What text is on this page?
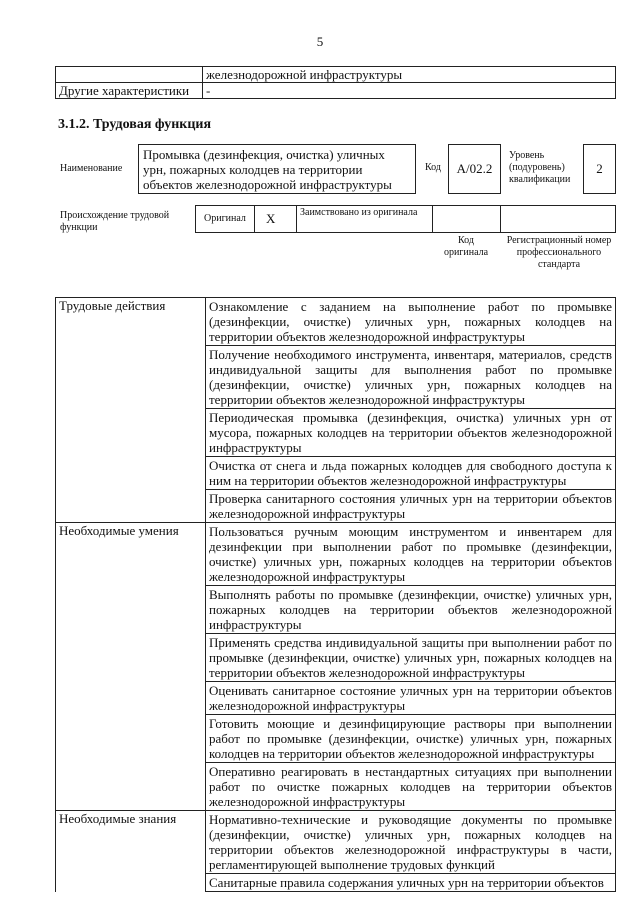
5
	железнодорожной инфраструктуры
Другие характеристики	-
3.1.2. Трудовая функция
Наименование
Промывка (дезинфекция, очистка) уличных урн, пожарных колодцев на территории объектов железнодорожной инфраструктуры
Код	А/02.2
Уровень (подуровень) квалификации
2
Происхождение трудовой функции
Оригинал X Заимствовано из оригинала
Код оригинала
Регистрационный номер профессионального стандарта
Трудовые действия	Ознакомление с заданием на выполнение работ по промывке (дезинфекции, очистке) уличных урн, пожарных колодцев на территории объектов железнодорожной инфраструктуры
	Получение необходимого инструмента, инвентаря, материалов, средств индивидуальной защиты для выполнения работ по промывке (дезинфекции, очистке) уличных урн, пожарных колодцев на территории объектов железнодорожной инфраструктуры
	Периодическая промывка (дезинфекция, очистка) уличных урн от мусора, пожарных колодцев на территории объектов железнодорожной инфраструктуры
	Очистка от снега и льда пожарных колодцев для свободного доступа к ним на территории объектов железнодорожной инфраструктуры
	Проверка санитарного состояния уличных урн на территории объектов железнодорожной инфраструктуры
Необходимые умения	Пользоваться ручным моющим инструментом и инвентарем для дезинфекции при выполнении работ по промывке (дезинфекции, очистке) уличных урн, пожарных колодцев на территории объектов железнодорожной инфраструктуры
	Выполнять работы по промывке (дезинфекции, очистке) уличных урн, пожарных колодцев на территории объектов железнодорожной инфраструктуры
	Применять средства индивидуальной защиты при выполнении работ по промывке (дезинфекции, очистке) уличных урн, пожарных колодцев на территории объектов железнодорожной инфраструктуры
	Оценивать санитарное состояние уличных урн на территории объектов железнодорожной инфраструктуры
	Готовить моющие и дезинфицирующие растворы при выполнении работ по промывке (дезинфекции, очистке) уличных урн, пожарных колодцев на территории объектов железнодорожной инфраструктуры
	Оперативно реагировать в нестандартных ситуациях при выполнении работ по очистке пожарных колодцев на территории объектов железнодорожной инфраструктуры
Необходимые знания	Нормативно-технические и руководящие документы по промывке (дезинфекции, очистке) уличных урн, пожарных колодцев на территории объектов железнодорожной инфраструктуры в части, регламентирующей выполнение трудовых функций
	Санитарные правила содержания уличных урн на территории объектов
